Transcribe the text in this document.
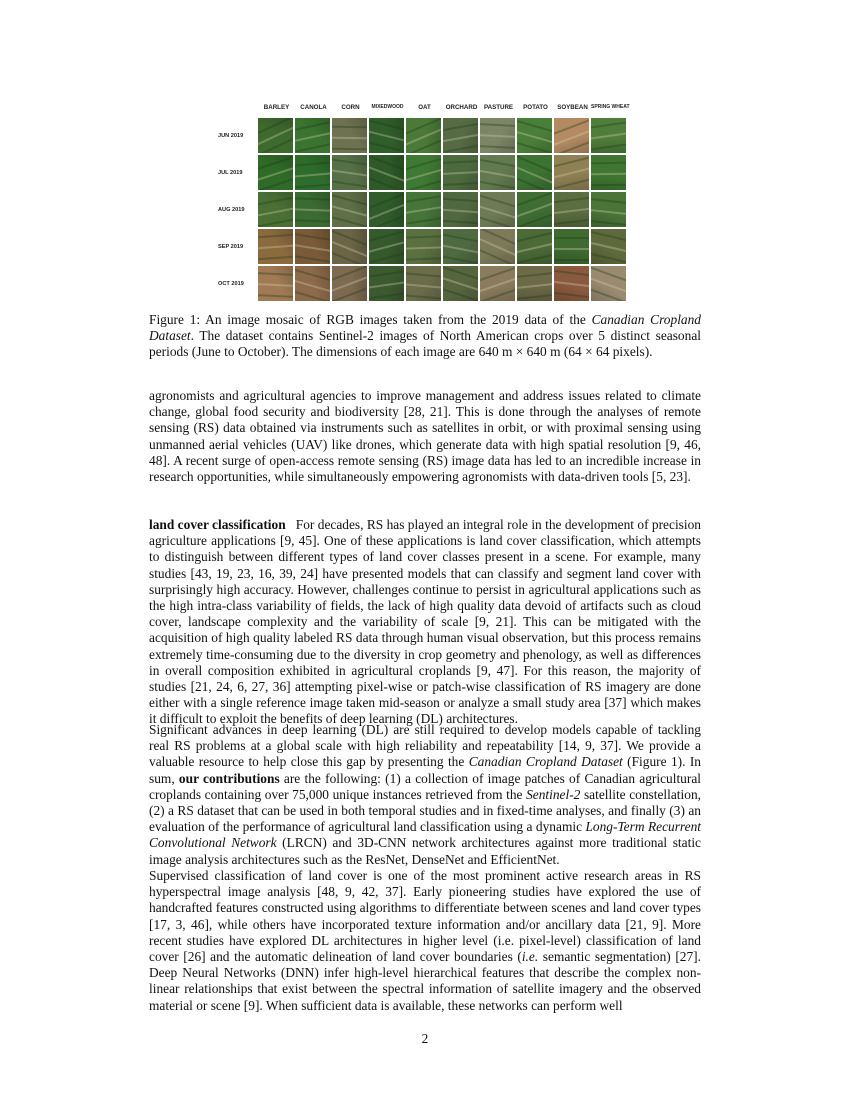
BARLEY	CANOLA	CORN	MIXEDWOOD	OAT	ORCHARD	PASTURE	POTATO	SOYBEAN SPRING WHEAT
JUN 2019
JUL 2019
AUG 2019
SEP 2019
OCT 2019
Figure 1: An image mosaic of RGB images taken from the 2019 data of the Canadian Cropland Dataset. The dataset contains Sentinel-2 images of North American crops over 5 distinct seasonal periods (June to October). The dimensions of each image are 640 m × 640 m (64 × 64 pixels).

agronomists and agricultural agencies to improve management and address issues related to climate change, global food security and biodiversity [28, 21]. This is done through the analyses of remote sensing (RS) data obtained via instruments such as satellites in orbit, or with proximal sensing using unmanned aerial vehicles (UAV) like drones, which generate data with high spatial resolution [9, 46, 48]. A recent surge of open-access remote sensing (RS) image data has led to an incredible increase in research opportunities, while simultaneously empowering agronomists with data-driven tools [5, 23].

land cover classification For decades, RS has played an integral role in the development of precision agriculture applications [9, 45]. One of these applications is land cover classification, which attempts to distinguish between different types of land cover classes present in a scene. For example, many studies [43, 19, 23, 16, 39, 24] have presented models that can classify and segment land cover with surprisingly high accuracy. However, challenges continue to persist in agricultural applications such as the high intra-class variability of fields, the lack of high quality data devoid of artifacts such as cloud cover, landscape complexity and the variability of scale [9, 21]. This can be mitigated with the acquisition of high quality labeled RS data through human visual observation, but this process remains extremely time-consuming due to the diversity in crop geometry and phenology, as well as differences in overall composition exhibited in agricultural croplands [9, 47]. For this reason, the majority of studies [21, 24, 6, 27, 36] attempting pixel-wise or patch-wise classification of RS imagery are done either with a single reference image taken mid-season or analyze a small study area [37] which makes it difficult to exploit the benefits of deep learning (DL) architectures.

Significant advances in deep learning (DL) are still required to develop models capable of tackling real RS problems at a global scale with high reliability and repeatability [14, 9, 37]. We provide a valuable resource to help close this gap by presenting the Canadian Cropland Dataset (Figure 1). In sum, our contributions are the following: (1) a collection of image patches of Canadian agricultural croplands containing over 75,000 unique instances retrieved from the Sentinel-2 satellite constellation, (2) a RS dataset that can be used in both temporal studies and in fixed-time analyses, and finally (3) an evaluation of the performance of agricultural land classification using a dynamic Long-Term Recurrent Convolutional Network (LRCN) and 3D-CNN network architectures against more traditional static image analysis architectures such as the ResNet, DenseNet and EfficientNet.

Supervised classification of land cover is one of the most prominent active research areas in RS hyperspectral image analysis [48, 9, 42, 37]. Early pioneering studies have explored the use of handcrafted features constructed using algorithms to differentiate between scenes and land cover types [17, 3, 46], while others have incorporated texture information and/or ancillary data [21, 9]. More recent studies have explored DL architectures in higher level (i.e. pixel-level) classification of land cover [26] and the automatic delineation of land cover boundaries (i.e. semantic segmentation) [27]. Deep Neural Networks (DNN) infer high-level hierarchical features that describe the complex non-linear relationships that exist between the spectral information of satellite imagery and the observed material or scene [9]. When sufficient data is available, these networks can perform well

2
